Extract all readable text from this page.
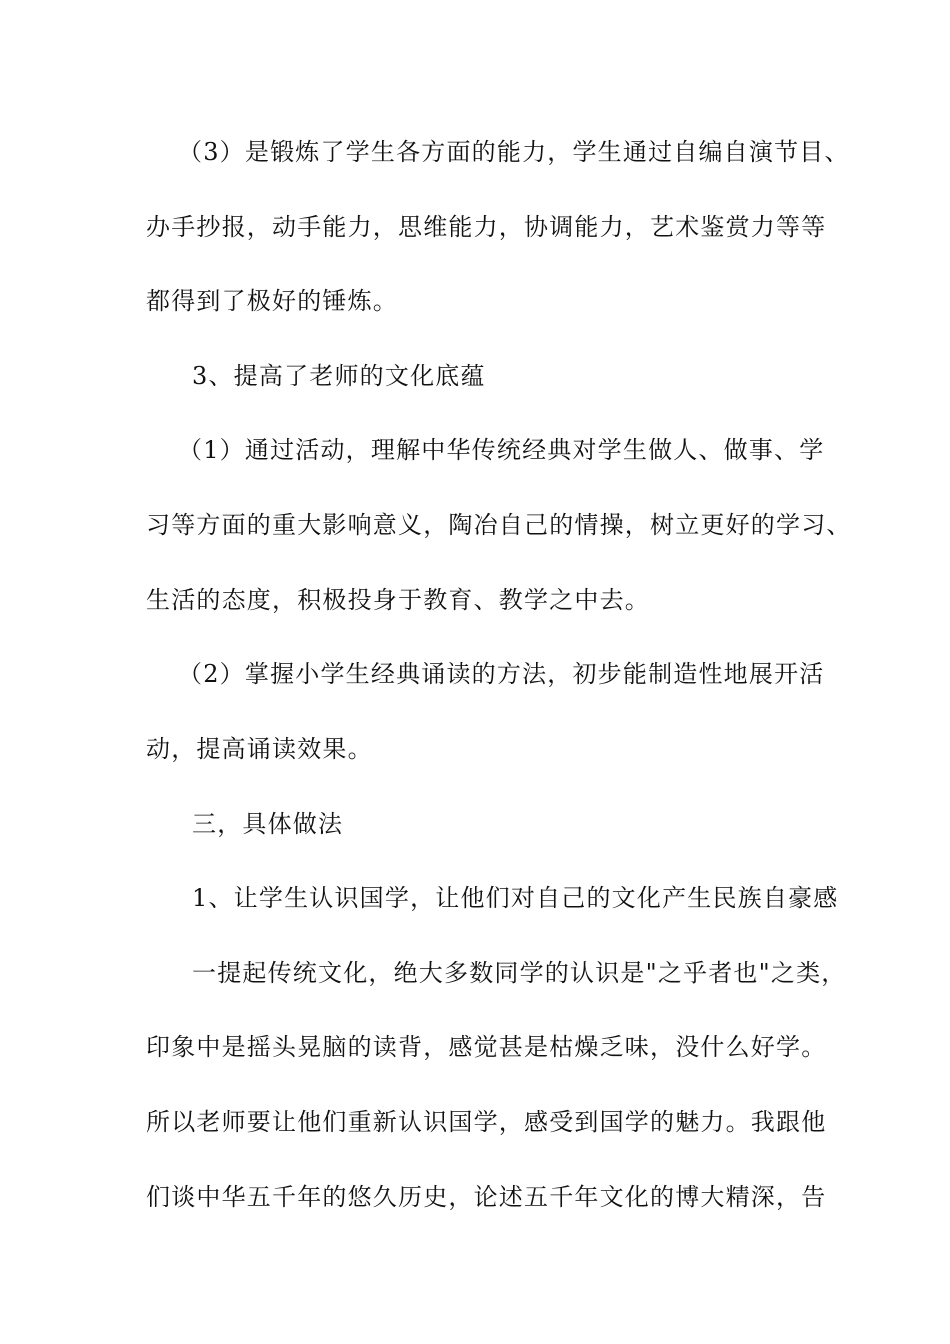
（3）是锻炼了学生各方面的能力，学生通过自编自演节目、
办手抄报，动手能力，思维能力，协调能力，艺术鉴赏力等等
都得到了极好的锤炼。
3、提高了老师的文化底蕴
（1）通过活动，理解中华传统经典对学生做人、做事、学
习等方面的重大影响意义，陶冶自己的情操，树立更好的学习、
生活的态度，积极投身于教育、教学之中去。
（2）掌握小学生经典诵读的方法，初步能制造性地展开活
动，提高诵读效果。
三，具体做法
1、让学生认识国学，让他们对自己的文化产生民族自豪感
一提起传统文化，绝大多数同学的认识是"之乎者也"之类，
印象中是摇头晃脑的读背，感觉甚是枯燥乏味，没什么好学。
所以老师要让他们重新认识国学，感受到国学的魅力。我跟他
们谈中华五千年的悠久历史，论述五千年文化的博大精深，告
